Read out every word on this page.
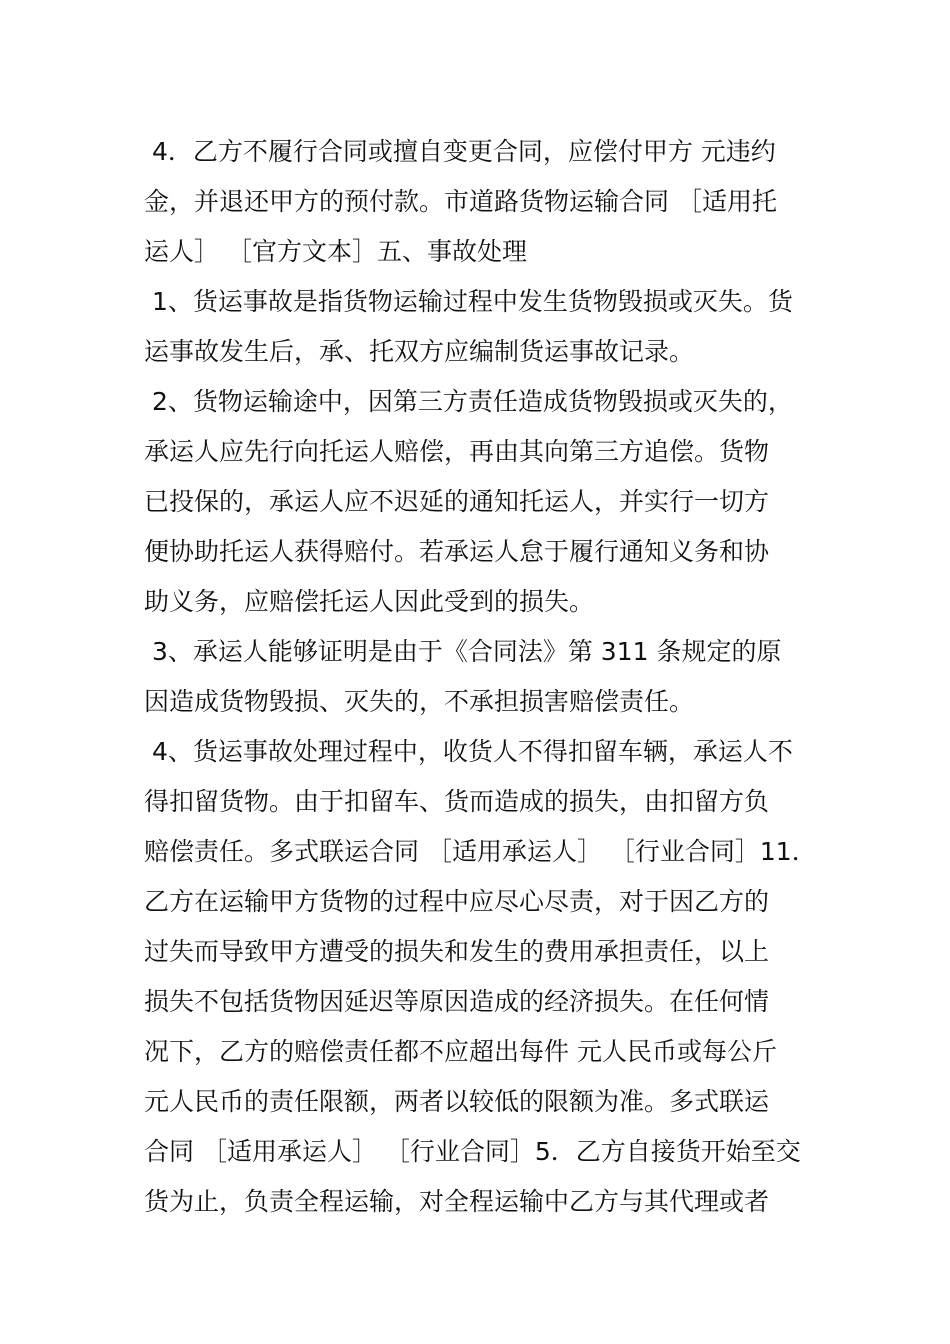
4．乙方不履行合同或擅自变更合同，应偿付甲方 元违约
金，并退还甲方的预付款。市道路货物运输合同 ［适用托
运人］ ［官方文本］五、事故处理
1、货运事故是指货物运输过程中发生货物毁损或灭失。货
运事故发生后，承、托双方应编制货运事故记录。
2、货物运输途中，因第三方责任造成货物毁损或灭失的，
承运人应先行向托运人赔偿，再由其向第三方追偿。货物
已投保的，承运人应不迟延的通知托运人，并实行一切方
便协助托运人获得赔付。若承运人怠于履行通知义务和协
助义务，应赔偿托运人因此受到的损失。
3、承运人能够证明是由于《合同法》第 311 条规定的原
因造成货物毁损、灭失的，不承担损害赔偿责任。
4、货运事故处理过程中，收货人不得扣留车辆，承运人不
得扣留货物。由于扣留车、货而造成的损失，由扣留方负
赔偿责任。多式联运合同 ［适用承运人］ ［行业合同］11．
乙方在运输甲方货物的过程中应尽心尽责，对于因乙方的
过失而导致甲方遭受的损失和发生的费用承担责任，以上
损失不包括货物因延迟等原因造成的经济损失。在任何情
况下，乙方的赔偿责任都不应超出每件 元人民币或每公斤
元人民币的责任限额，两者以较低的限额为准。多式联运
合同 ［适用承运人］ ［行业合同］5．乙方自接货开始至交
货为止，负责全程运输，对全程运输中乙方与其代理或者
